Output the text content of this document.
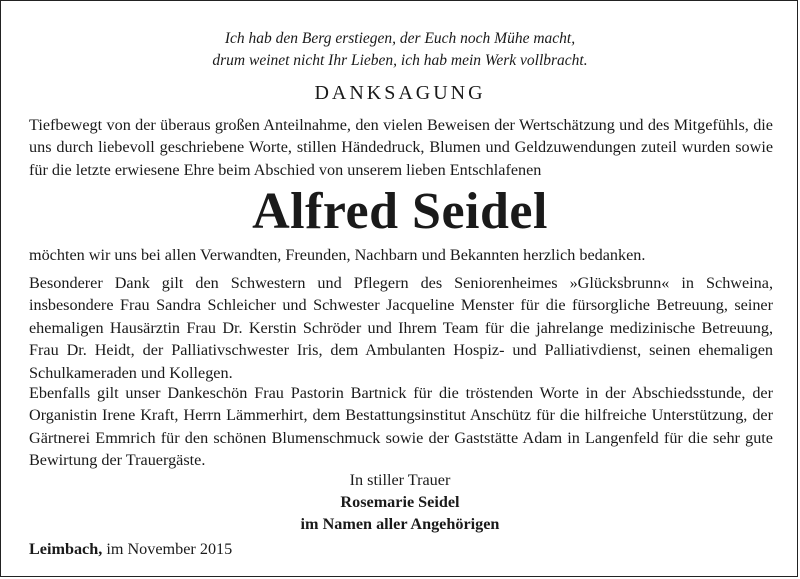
Ich hab den Berg erstiegen, der Euch noch Mühe macht,
drum weinet nicht Ihr Lieben, ich hab mein Werk vollbracht.
DANKSAGUNG
Tiefbewegt von der überaus großen Anteilnahme, den vielen Beweisen der Wertschätzung und des Mitgefühls, die uns durch liebevoll geschriebene Worte, stillen Händedruck, Blumen und Geldzuwendungen zuteil wurden sowie für die letzte erwiesene Ehre beim Abschied von unserem lieben Entschlafenen
Alfred Seidel
möchten wir uns bei allen Verwandten, Freunden, Nachbarn und Bekannten herzlich bedanken.
Besonderer Dank gilt den Schwestern und Pflegern des Seniorenheimes »Glücksbrunn« in Schweina, insbesondere Frau Sandra Schleicher und Schwester Jacqueline Menster für die fürsorgliche Betreuung, seiner ehemaligen Hausärztin Frau Dr. Kerstin Schröder und Ihrem Team für die jahrelange medizinische Betreuung, Frau Dr. Heidt, der Palliativschwester Iris, dem Ambulanten Hospiz- und Palliativdienst, seinen ehemaligen Schulkameraden und Kollegen.
Ebenfalls gilt unser Dankeschön Frau Pastorin Bartnick für die tröstenden Worte in der Abschiedsstunde, der Organistin Irene Kraft, Herrn Lämmerhirt, dem Bestattungsinstitut Anschütz für die hilfreiche Unterstützung, der Gärtnerei Emmrich für den schönen Blumenschmuck sowie der Gaststätte Adam in Langenfeld für die sehr gute Bewirtung der Trauergäste.
In stiller Trauer
Rosemarie Seidel
im Namen aller Angehörigen
Leimbach, im November 2015
